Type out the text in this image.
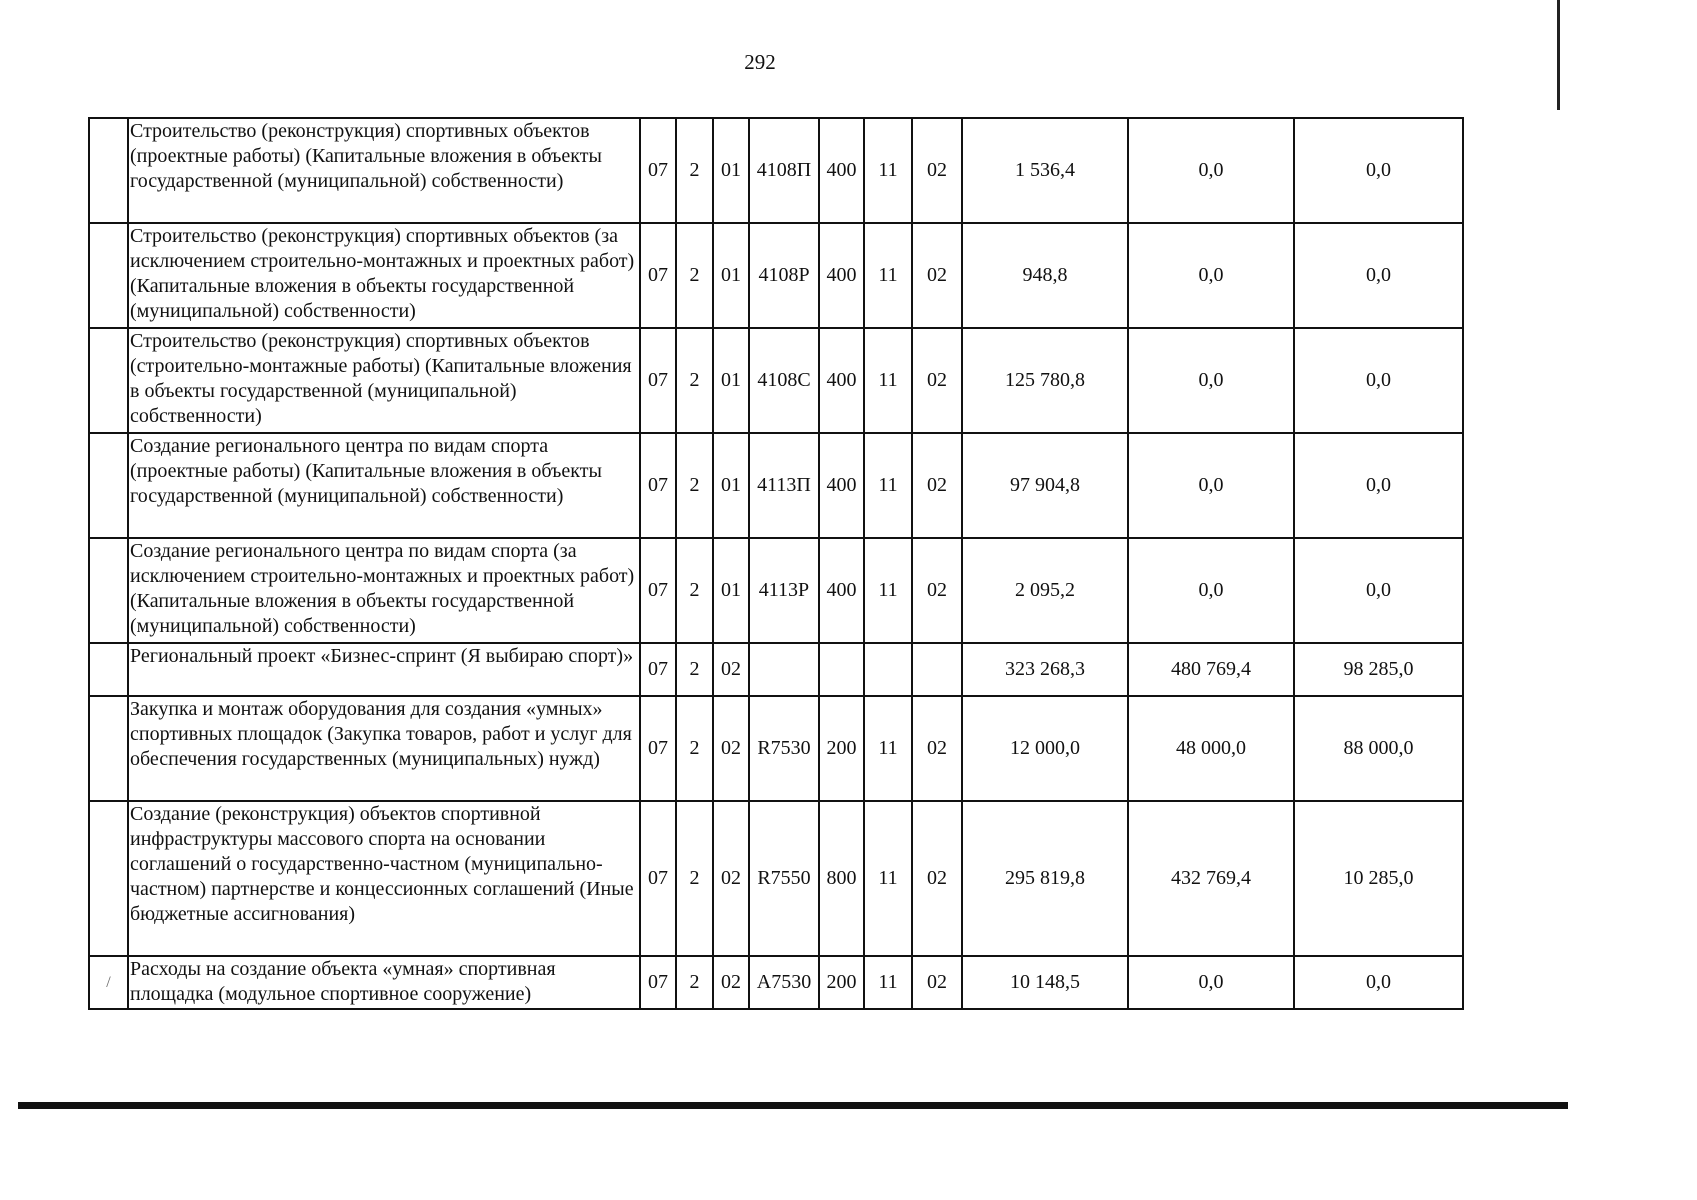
292
	Строительство (реконструкция) спортивных объектов (проектные работы) (Капитальные вложения в объекты государственной (муниципальной) собственности)	07	2	01	4108П	400	11	02	1 536,4	0,0	0,0
	Строительство (реконструкция) спортивных объектов (за исключением строительно-монтажных и проектных работ) (Капитальные вложения в объекты государственной (муниципальной) собственности)	07	2	01	4108Р	400	11	02	948,8	0,0	0,0
	Строительство (реконструкция) спортивных объектов (строительно-монтажные работы) (Капитальные вложения в объекты государственной (муниципальной) собственности)	07	2	01	4108С	400	11	02	125 780,8	0,0	0,0
	Создание регионального центра по видам спорта (проектные работы) (Капитальные вложения в объекты государственной (муниципальной) собственности)	07	2	01	4113П	400	11	02	97 904,8	0,0	0,0
	Создание регионального центра по видам спорта (за исключением строительно-монтажных и проектных работ) (Капитальные вложения в объекты государственной (муниципальной) собственности)	07	2	01	4113Р	400	11	02	2 095,2	0,0	0,0
	Региональный проект «Бизнес-спринт (Я выбираю спорт)»	07	2	02					323 268,3	480 769,4	98 285,0
	Закупка и монтаж оборудования для создания «умных» спортивных площадок (Закупка товаров, работ и услуг для обеспечения государственных (муниципальных) нужд)	07	2	02	R7530	200	11	02	12 000,0	48 000,0	88 000,0
	Создание (реконструкция) объектов спортивной инфраструктуры массового спорта на основании соглашений о государственно-частном (муниципально-частном) партнерстве и концессионных соглашений (Иные бюджетные ассигнования)	07	2	02	R7550	800	11	02	295 819,8	432 769,4	10 285,0
/	Расходы на создание объекта «умная» спортивная площадка (модульное спортивное сооружение)	07	2	02	А7530	200	11	02	10 148,5	0,0	0,0
